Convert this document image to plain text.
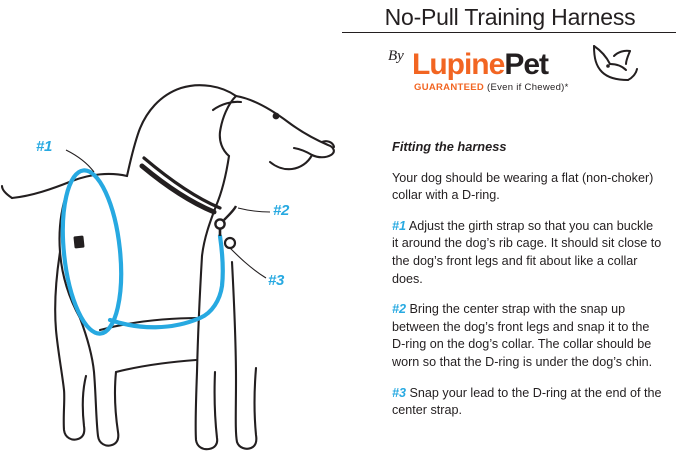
#1
#2
#3
No-Pull Training Harness
By LupinePet
GUARANTEED (Even if Chewed)*
Fitting the harness

Your dog should be wearing a flat (non-choker) collar with a D-ring.

#1 Adjust the girth strap so that you can buckle it around the dog’s rib cage. It should sit close to the dog’s front legs and fit about like a collar does.

#2 Bring the center strap with the snap up between the dog’s front legs and snap it to the D-ring on the dog’s collar. The collar should be worn so that the D-ring is under the dog’s chin.

#3 Snap your lead to the D-ring at the end of the center strap.
